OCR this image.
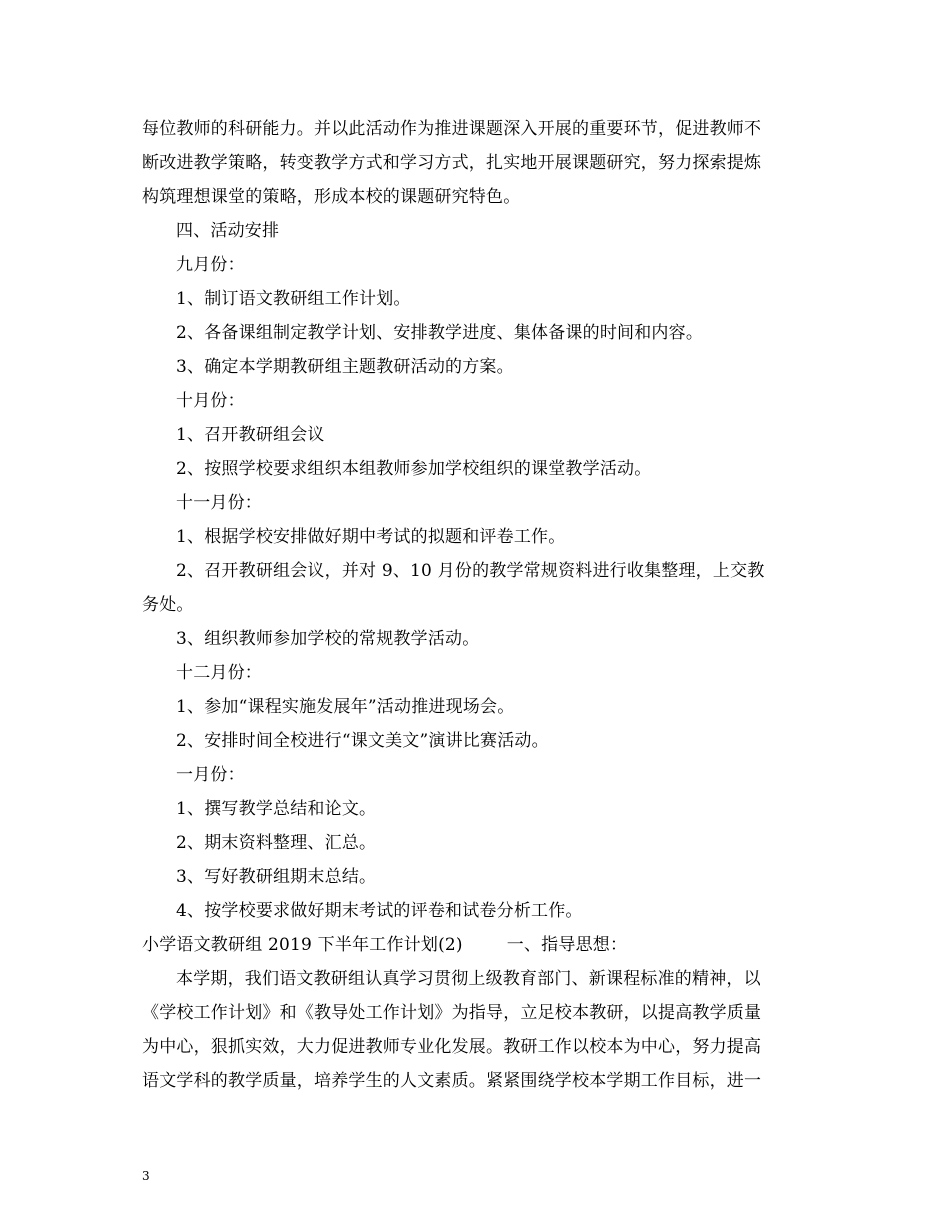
每位教师的科研能力。并以此活动作为推进课题深入开展的重要环节，促进教师不
断改进教学策略，转变教学方式和学习方式，扎实地开展课题研究，努力探索提炼
构筑理想课堂的策略，形成本校的课题研究特色。
四、活动安排
九月份：
1、制订语文教研组工作计划。
2、各备课组制定教学计划、安排教学进度、集体备课的时间和内容。
3、确定本学期教研组主题教研活动的方案。
十月份：
1、召开教研组会议
2、按照学校要求组织本组教师参加学校组织的课堂教学活动。
十一月份：
1、根据学校安排做好期中考试的拟题和评卷工作。
2、召开教研组会议，并对 9、10 月份的教学常规资料进行收集整理，上交教
务处。
3、组织教师参加学校的常规教学活动。
十二月份：
1、参加“课程实施发展年”活动推进现场会。
2、安排时间全校进行“课文美文”演讲比赛活动。
一月份：
1、撰写教学总结和论文。
2、期末资料整理、汇总。
3、写好教研组期末总结。
4、按学校要求做好期末考试的评卷和试卷分析工作。
小学语文教研组 2019 下半年工作计划(2)	一、指导思想：
本学期，我们语文教研组认真学习贯彻上级教育部门、新课程标准的精神，以
《学校工作计划》和《教导处工作计划》为指导，立足校本教研，以提高教学质量
为中心，狠抓实效，大力促进教师专业化发展。教研工作以校本为中心，努力提高
语文学科的教学质量，培养学生的人文素质。紧紧围绕学校本学期工作目标，进一
3
